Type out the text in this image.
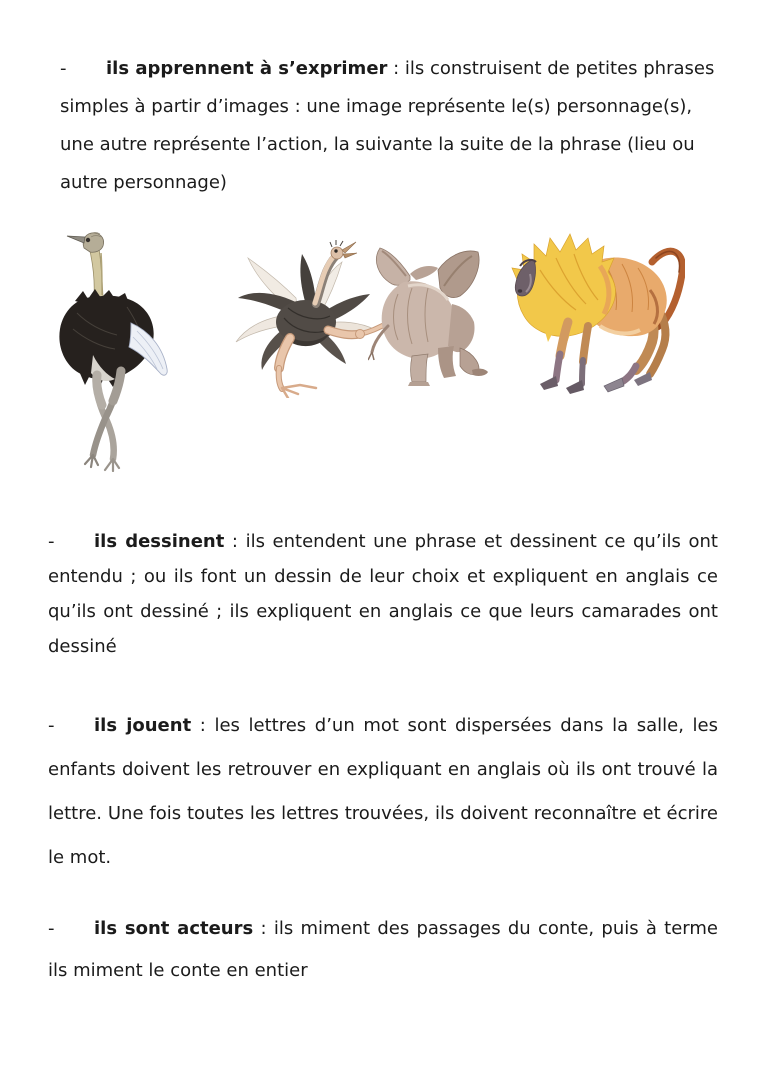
- ils apprennent à s’exprimer : ils construisent de petites phrases simples à partir d’images : une image représente le(s) personnage(s), une autre représente l’action, la suivante la suite de la phrase (lieu ou autre personnage)

- ils dessinent : ils entendent une phrase et dessinent ce qu’ils ont entendu ; ou ils font un dessin de leur choix et expliquent en anglais ce qu’ils ont dessiné ; ils expliquent en anglais ce que leurs camarades ont dessiné

- ils jouent : les lettres d’un mot sont dispersées dans la salle, les enfants doivent les retrouver en expliquant en anglais où ils ont trouvé la lettre. Une fois toutes les lettres trouvées, ils doivent reconnaître et écrire le mot.

- ils sont acteurs : ils miment des passages du conte, puis à terme ils miment le conte en entier
